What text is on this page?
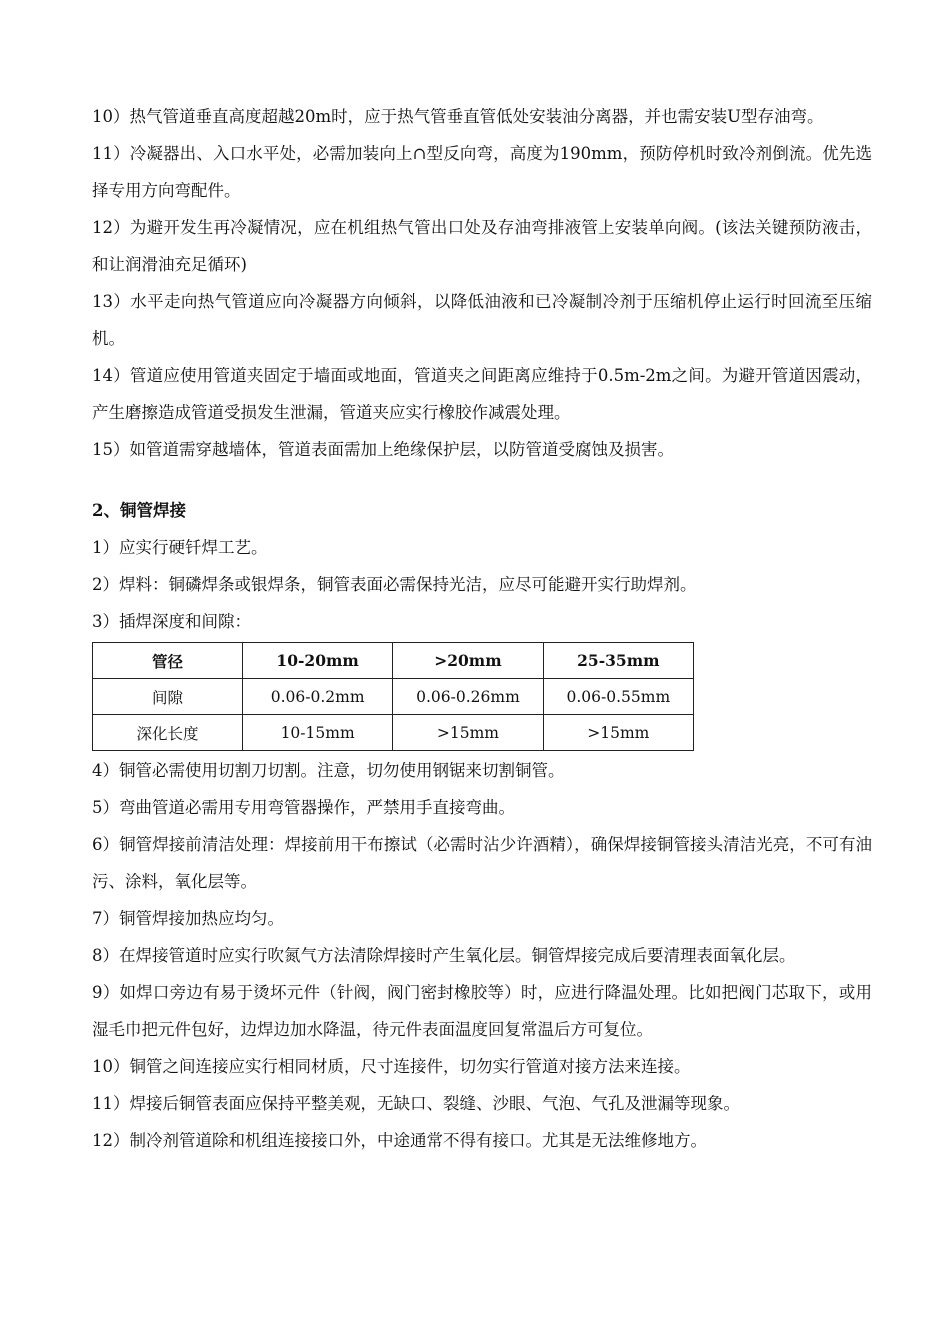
10）热气管道垂直高度超越20m时，应于热气管垂直管低处安装油分离器，并也需安装U型存油弯。

11）冷凝器出、入口水平处，必需加装向上∩型反向弯，高度为190mm，预防停机时致冷剂倒流。优先选择专用方向弯配件。

12）为避开发生再冷凝情况，应在机组热气管出口处及存油弯排液管上安装单向阀。(该法关键预防液击，和让润滑油充足循环)

13）水平走向热气管道应向冷凝器方向倾斜，以降低油液和已冷凝制冷剂于压缩机停止运行时回流至压缩机。

14）管道应使用管道夹固定于墙面或地面，管道夹之间距离应维持于0.5m-2m之间。为避开管道因震动，产生磨擦造成管道受损发生泄漏，管道夹应实行橡胶作减震处理。

15）如管道需穿越墙体，管道表面需加上绝缘保护层，以防管道受腐蚀及损害。

2、铜管焊接

1）应实行硬钎焊工艺。

2）焊料：铜磷焊条或银焊条，铜管表面必需保持光洁，应尽可能避开实行助焊剂。

3）插焊深度和间隙：

管径	10-20mm	>20mm	25-35mm
间隙	0.06-0.2mm	0.06-0.26mm	0.06-0.55mm
深化长度	10-15mm	>15mm	>15mm

4）铜管必需使用切割刀切割。注意，切勿使用钢锯来切割铜管。

5）弯曲管道必需用专用弯管器操作，严禁用手直接弯曲。

6）铜管焊接前清洁处理：焊接前用干布擦试（必需时沾少许酒精），确保焊接铜管接头清洁光亮，不可有油污、涂料，氧化层等。

7）铜管焊接加热应均匀。

8）在焊接管道时应实行吹氮气方法清除焊接时产生氧化层。铜管焊接完成后要清理表面氧化层。

9）如焊口旁边有易于烫坏元件（针阀，阀门密封橡胶等）时，应进行降温处理。比如把阀门芯取下，或用湿毛巾把元件包好，边焊边加水降温，待元件表面温度回复常温后方可复位。

10）铜管之间连接应实行相同材质，尺寸连接件，切勿实行管道对接方法来连接。

11）焊接后铜管表面应保持平整美观，无缺口、裂缝、沙眼、气泡、气孔及泄漏等现象。

12）制冷剂管道除和机组连接接口外，中途通常不得有接口。尤其是无法维修地方。
